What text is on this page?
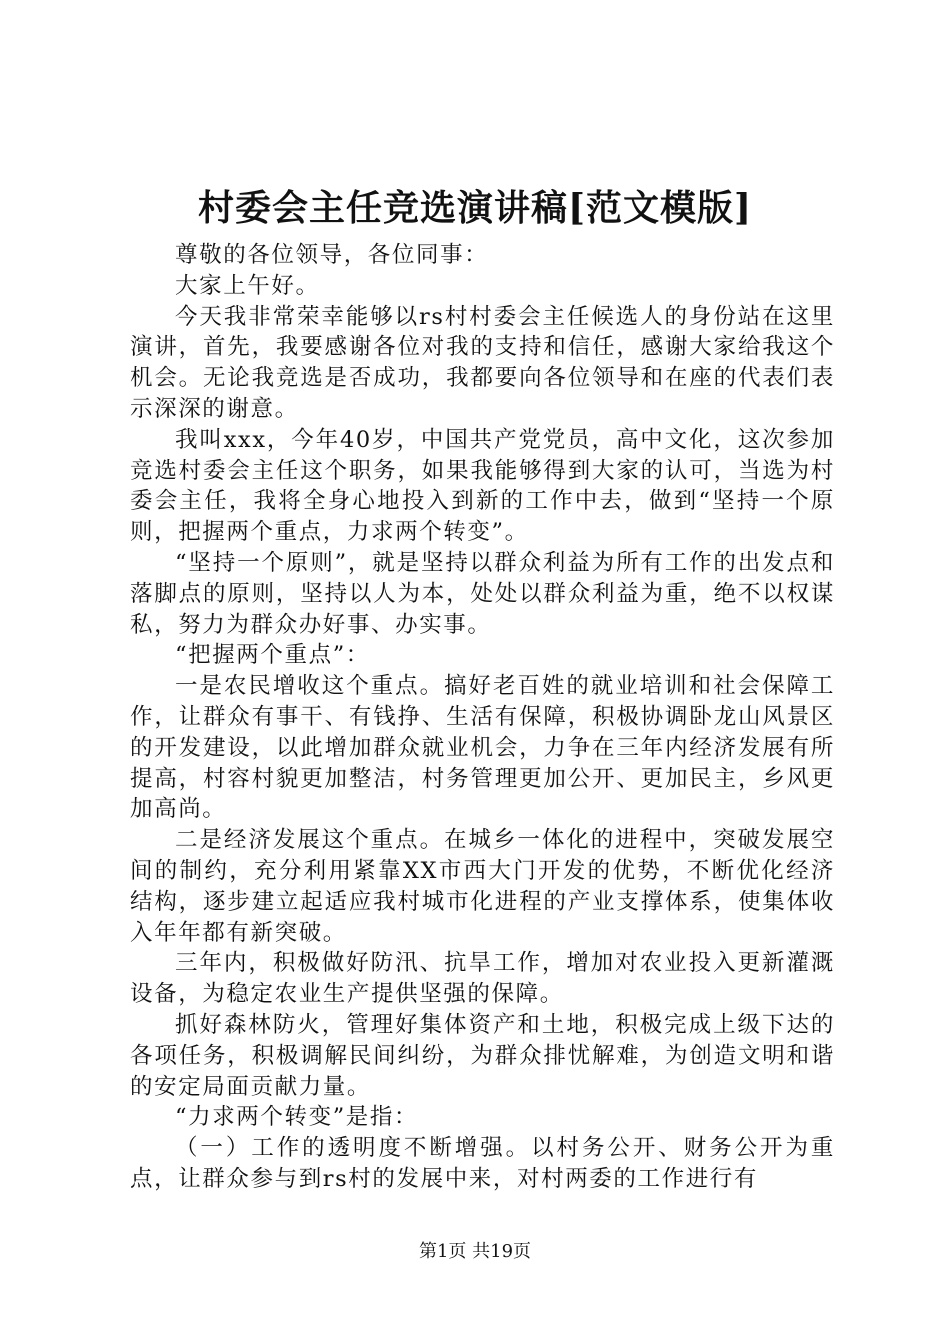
村委会主任竞选演讲稿[范文模版]

尊敬的各位领导，各位同事：

大家上午好。

今天我非常荣幸能够以rs村村委会主任候选人的身份站在这里演讲，首先，我要感谢各位对我的支持和信任，感谢大家给我这个机会。无论我竞选是否成功，我都要向各位领导和在座的代表们表示深深的谢意。

我叫xxx，今年40岁，中国共产党党员，高中文化，这次参加竞选村委会主任这个职务，如果我能够得到大家的认可，当选为村委会主任，我将全身心地投入到新的工作中去，做到“坚持一个原则，把握两个重点，力求两个转变”。

“坚持一个原则”，就是坚持以群众利益为所有工作的出发点和落脚点的原则，坚持以人为本，处处以群众利益为重，绝不以权谋私，努力为群众办好事、办实事。

“把握两个重点”：

一是农民增收这个重点。搞好老百姓的就业培训和社会保障工作，让群众有事干、有钱挣、生活有保障，积极协调卧龙山风景区的开发建设，以此增加群众就业机会，力争在三年内经济发展有所提高，村容村貌更加整洁，村务管理更加公开、更加民主，乡风更加高尚。

二是经济发展这个重点。在城乡一体化的进程中，突破发展空间的制约，充分利用紧靠XX市西大门开发的优势，不断优化经济结构，逐步建立起适应我村城市化进程的产业支撑体系，使集体收入年年都有新突破。

三年内，积极做好防汛、抗旱工作，增加对农业投入更新灌溉设备，为稳定农业生产提供坚强的保障。

抓好森林防火，管理好集体资产和土地，积极完成上级下达的各项任务，积极调解民间纠纷，为群众排忧解难，为创造文明和谐的安定局面贡献力量。

“力求两个转变”是指：

（一）工作的透明度不断增强。以村务公开、财务公开为重点，让群众参与到rs村的发展中来，对村两委的工作进行有

第1页 共19页
